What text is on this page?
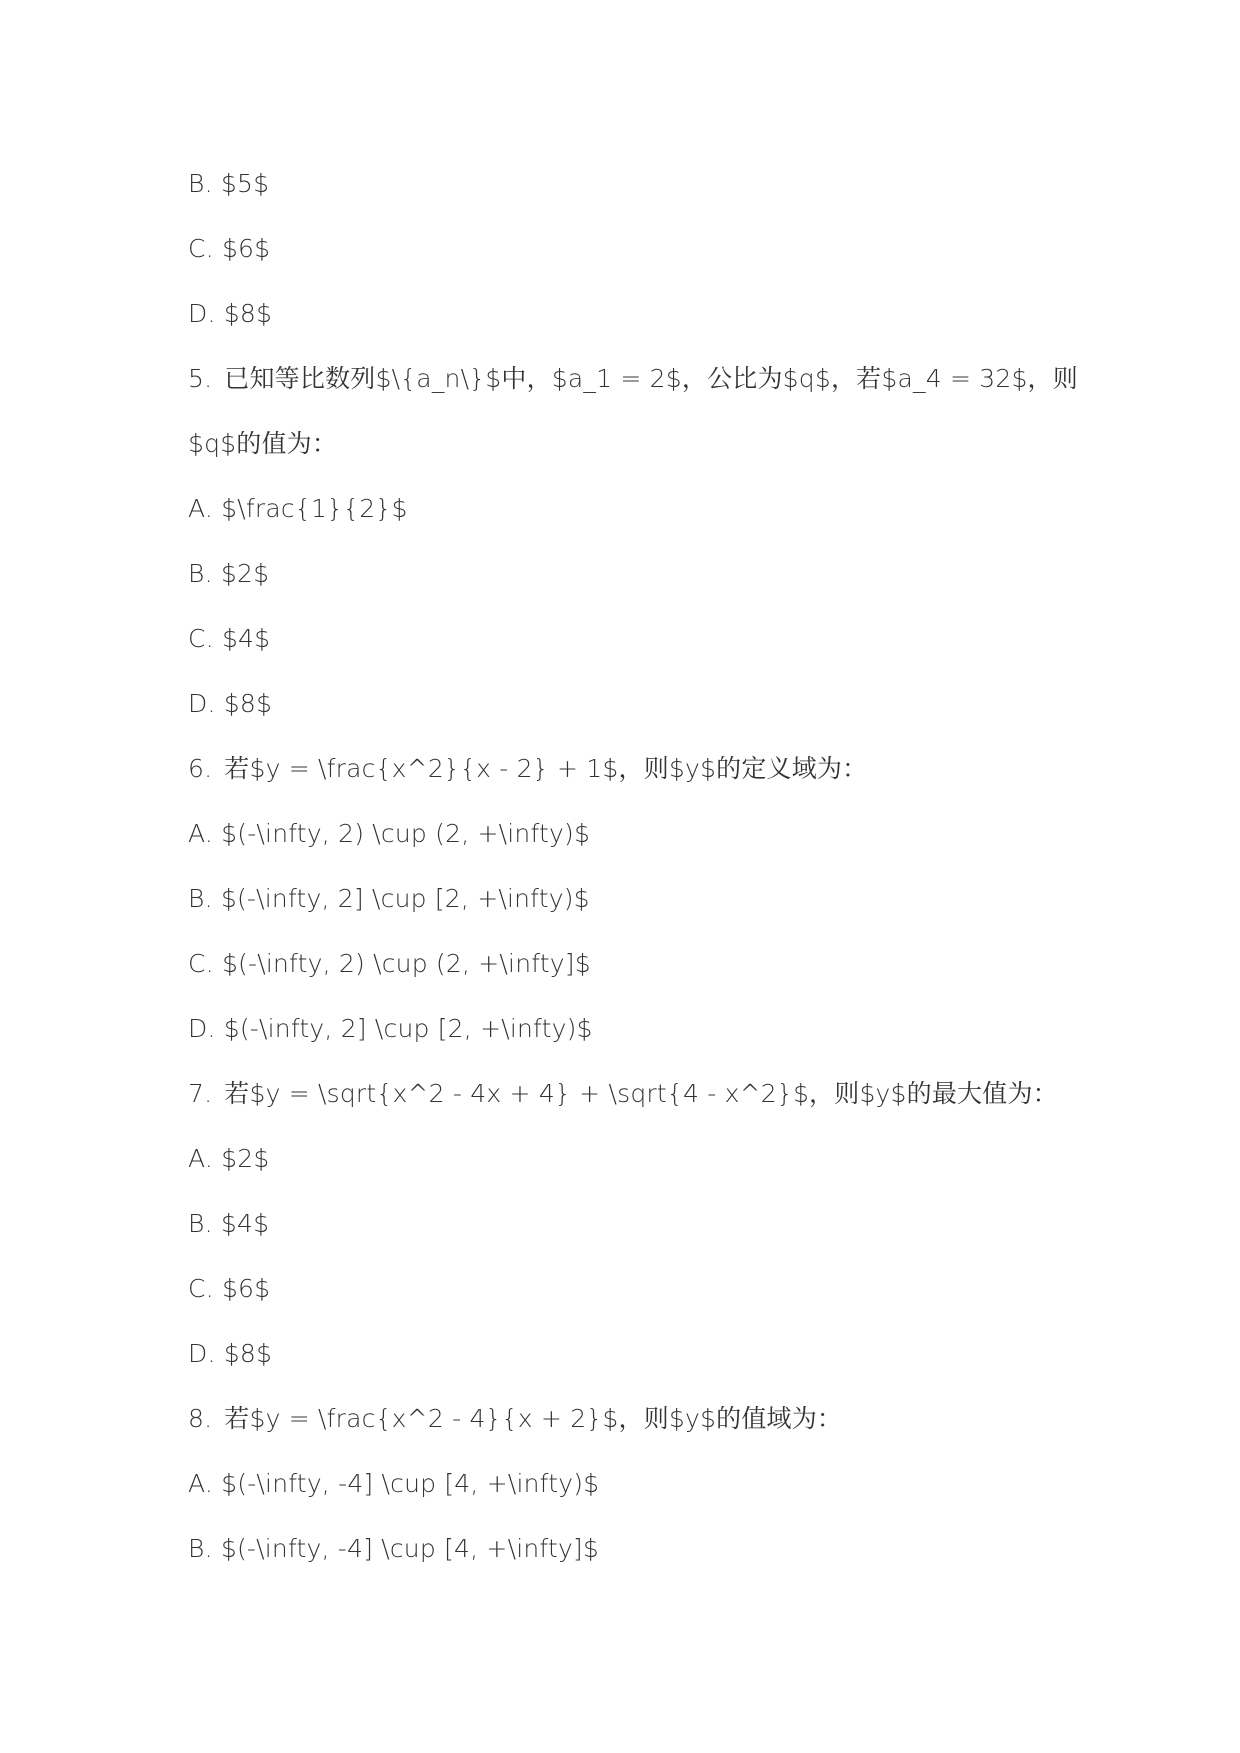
B. $5$
C. $6$
D. $8$
5. 已知等比数列$\{a_n\}$中，$a_1 = 2$，公比为$q$，若$a_4 = 32$，则
$q$的值为：
A. $\frac{1}{2}$
B. $2$
C. $4$
D. $8$
6. 若$y = \frac{x^2}{x - 2} + 1$，则$y$的定义域为：
A. $(-\infty, 2) \cup (2, +\infty)$
B. $(-\infty, 2] \cup [2, +\infty)$
C. $(-\infty, 2) \cup (2, +\infty]$
D. $(-\infty, 2] \cup [2, +\infty)$
7. 若$y = \sqrt{x^2 - 4x + 4} + \sqrt{4 - x^2}$，则$y$的最大值为：
A. $2$
B. $4$
C. $6$
D. $8$
8. 若$y = \frac{x^2 - 4}{x + 2}$，则$y$的值域为：
A. $(-\infty, -4] \cup [4, +\infty)$
B. $(-\infty, -4] \cup [4, +\infty]$
